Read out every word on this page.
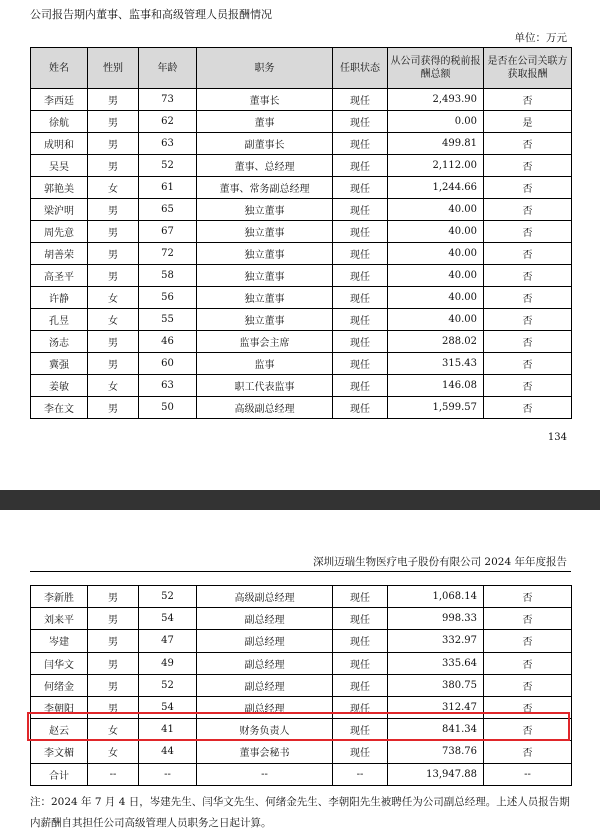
公司报告期内董事、监事和高级管理人员报酬情况
单位：万元
姓名	性别	年龄	职务	任职状态	从公司获得的税前报酬总额	是否在公司关联方获取报酬
李西廷	男	73	董事长	现任	2,493.90	否
徐航	男	62	董事	现任	0.00	是
成明和	男	63	副董事长	现任	499.81	否
吴昊	男	52	董事、总经理	现任	2,112.00	否
郭艳美	女	61	董事、常务副总经理	现任	1,244.66	否
梁沪明	男	65	独立董事	现任	40.00	否
周先意	男	67	独立董事	现任	40.00	否
胡善荣	男	72	独立董事	现任	40.00	否
高圣平	男	58	独立董事	现任	40.00	否
许静	女	56	独立董事	现任	40.00	否
孔昱	女	55	独立董事	现任	40.00	否
汤志	男	46	监事会主席	现任	288.02	否
冀强	男	60	监事	现任	315.43	否
姜敏	女	63	职工代表监事	现任	146.08	否
李在文	男	50	高级副总经理	现任	1,599.57	否
134
深圳迈瑞生物医疗电子股份有限公司 2024 年年度报告
李新胜	男	52	高级副总经理	现任	1,068.14	否
刘来平	男	54	副总经理	现任	998.33	否
岑建	男	47	副总经理	现任	332.97	否
闫华文	男	49	副总经理	现任	335.64	否
何绪金	男	52	副总经理	现任	380.75	否
李朝阳	男	54	副总经理	现任	312.47	否
赵云	女	41	财务负责人	现任	841.34	否
李文楣	女	44	董事会秘书	现任	738.76	否
合计	--	--	--	--	13,947.88	--
注：2024 年 7 月 4 日，岑建先生、闫华文先生、何绪金先生、李朝阳先生被聘任为公司副总经理。上述人员报告期内薪酬自其担任公司高级管理人员职务之日起计算。
